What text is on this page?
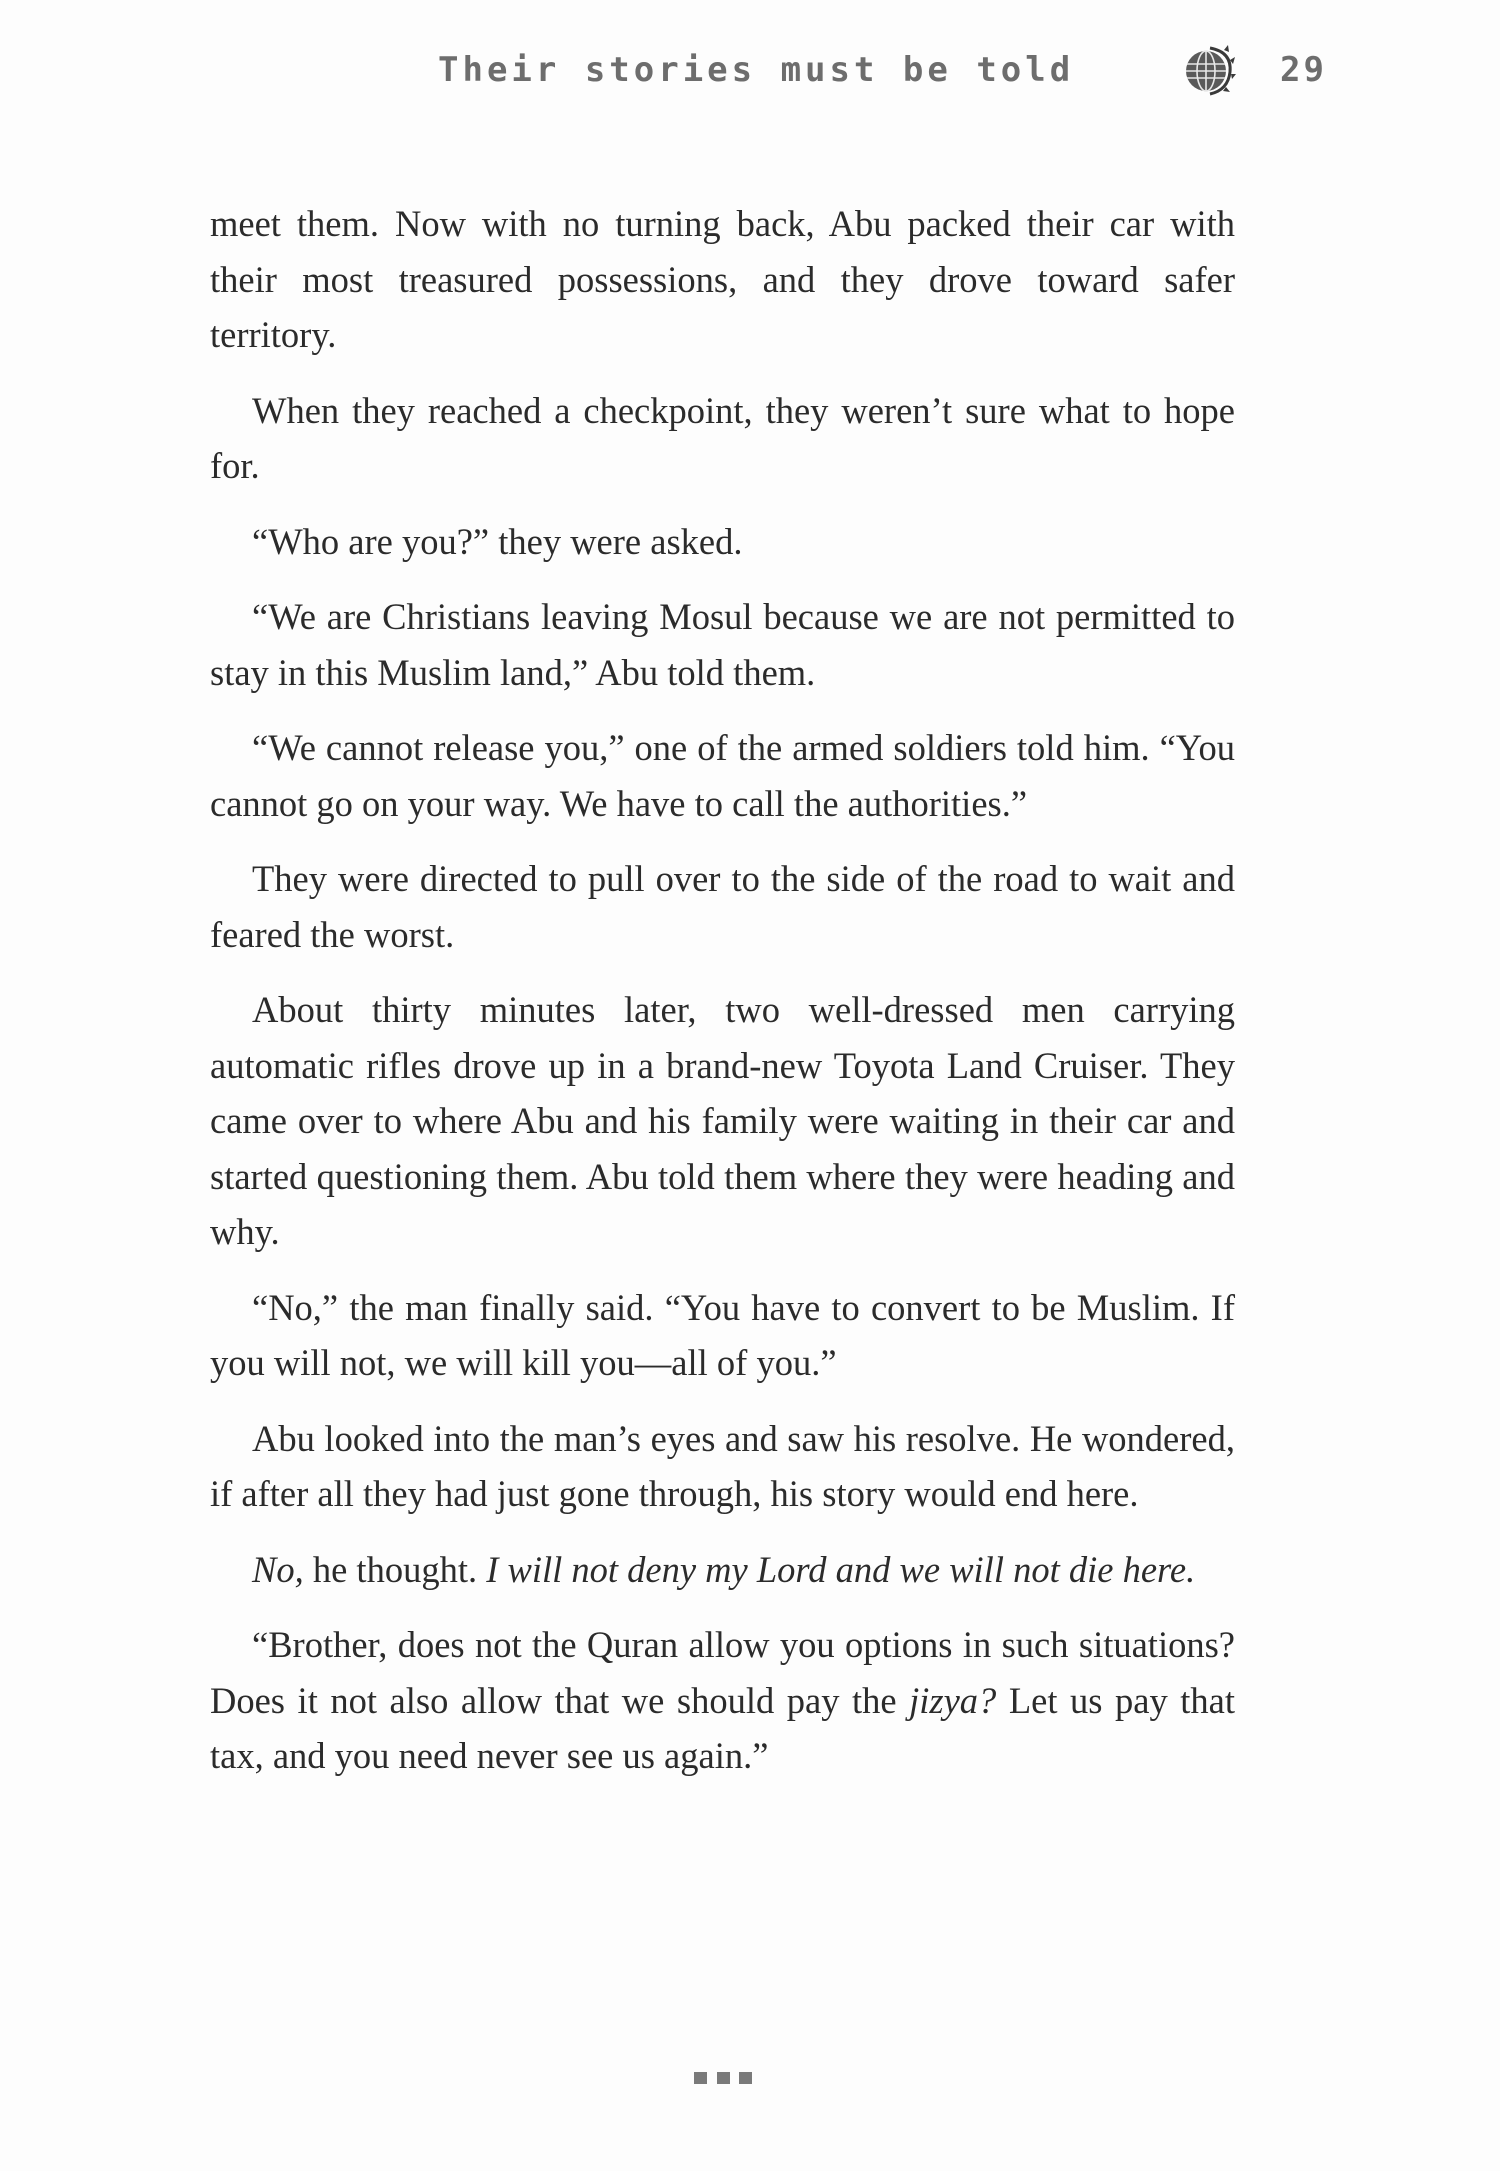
Their stories must be told	29

meet them. Now with no turning back, Abu packed their car with their most treasured possessions, and they drove toward safer territory.

When they reached a checkpoint, they weren’t sure what to hope for.

“Who are you?” they were asked.

“We are Christians leaving Mosul because we are not permitted to stay in this Muslim land,” Abu told them.

“We cannot release you,” one of the armed soldiers told him. “You cannot go on your way. We have to call the authorities.”

They were directed to pull over to the side of the road to wait and feared the worst.

About thirty minutes later, two well-dressed men carrying automatic rifles drove up in a brand-new Toyota Land Cruiser. They came over to where Abu and his family were waiting in their car and started questioning them. Abu told them where they were heading and why.

“No,” the man finally said. “You have to convert to be Muslim. If you will not, we will kill you—all of you.”

Abu looked into the man’s eyes and saw his resolve. He wondered, if after all they had just gone through, his story would end here.

No, he thought. I will not deny my Lord and we will not die here.

“Brother, does not the Quran allow you options in such situations? Does it not also allow that we should pay the jizya? Let us pay that tax, and you need never see us again.”
